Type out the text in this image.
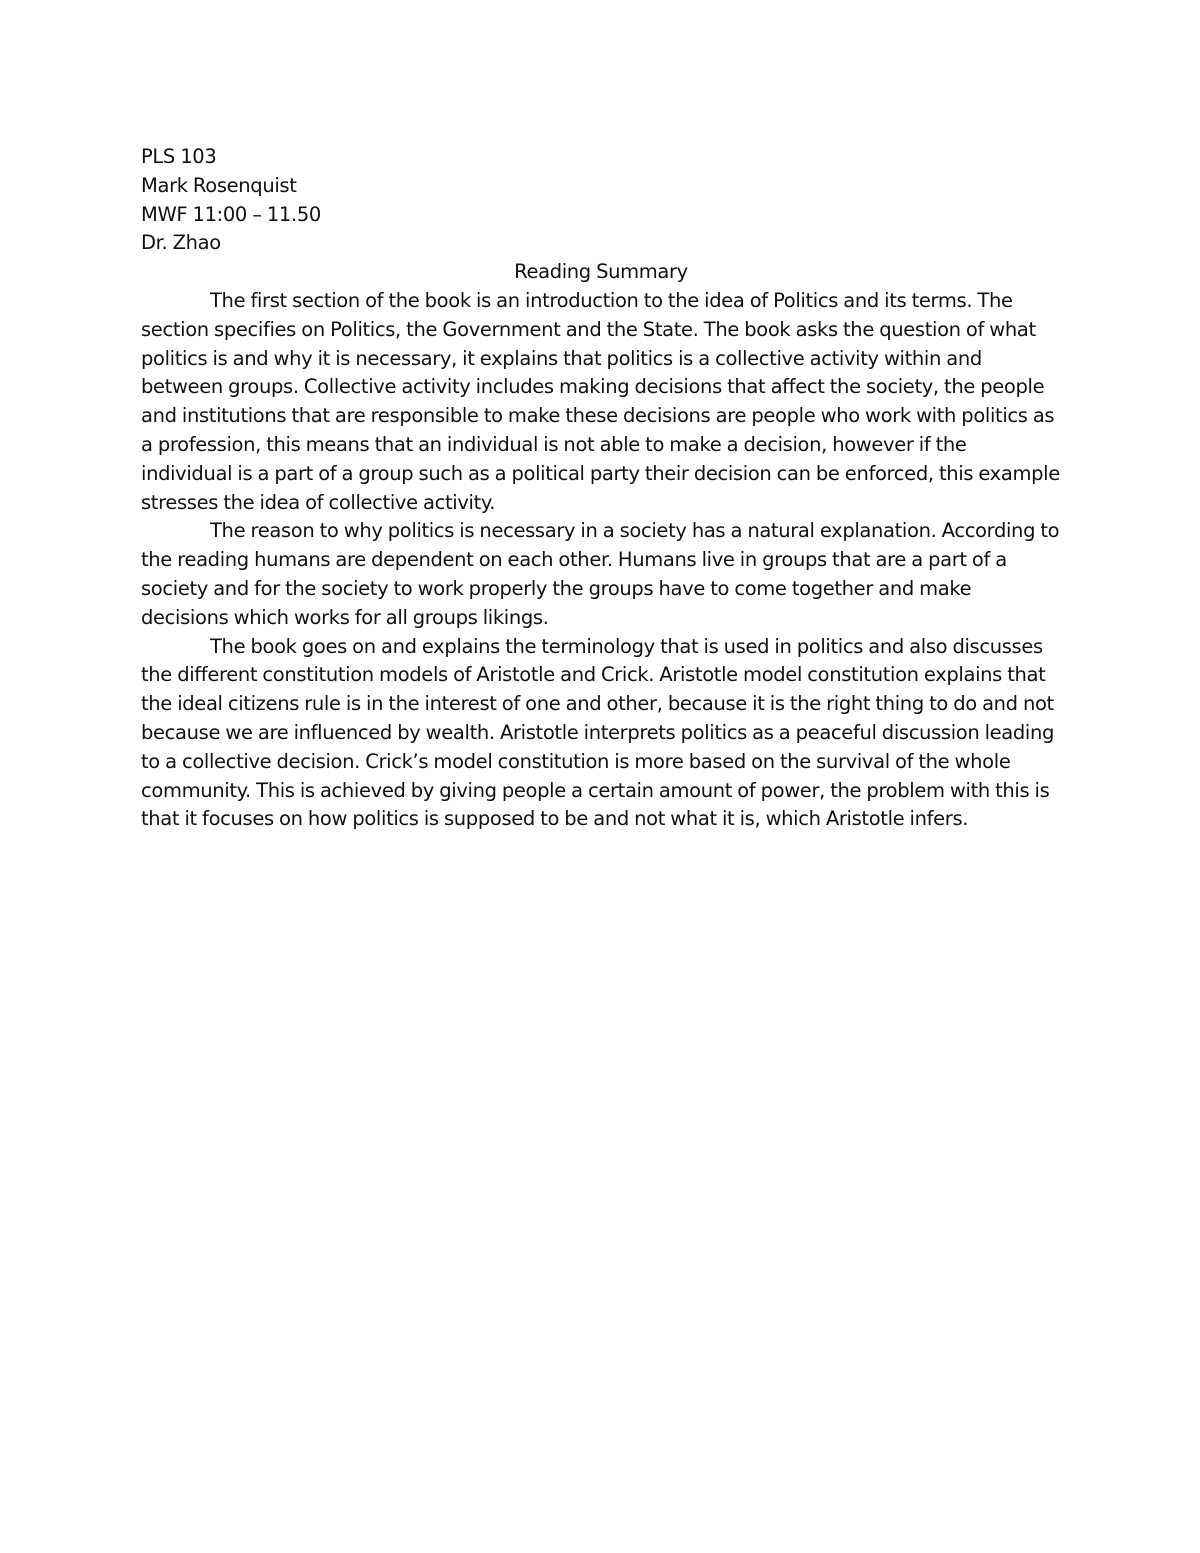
PLS 103

Mark Rosenquist

MWF 11:00 – 11.50

Dr. Zhao

Reading Summary

The first section of the book is an introduction to the idea of Politics and its terms. The section specifies on Politics, the Government and the State. The book asks the question of what politics is and why it is necessary, it explains that politics is a collective activity within and between groups. Collective activity includes making decisions that affect the society, the people and institutions that are responsible to make these decisions are people who work with politics as a profession, this means that an individual is not able to make a decision, however if the individual is a part of a group such as a political party their decision can be enforced, this example stresses the idea of collective activity.

The reason to why politics is necessary in a society has a natural explanation. According to the reading humans are dependent on each other. Humans live in groups that are a part of a society and for the society to work properly the groups have to come together and make decisions which works for all groups likings.

The book goes on and explains the terminology that is used in politics and also discusses the different constitution models of Aristotle and Crick. Aristotle model constitution explains that the ideal citizens rule is in the interest of one and other, because it is the right thing to do and not because we are influenced by wealth. Aristotle interprets politics as a peaceful discussion leading to a collective decision. Crick’s model constitution is more based on the survival of the whole community. This is achieved by giving people a certain amount of power, the problem with this is that it focuses on how politics is supposed to be and not what it is, which Aristotle infers.
